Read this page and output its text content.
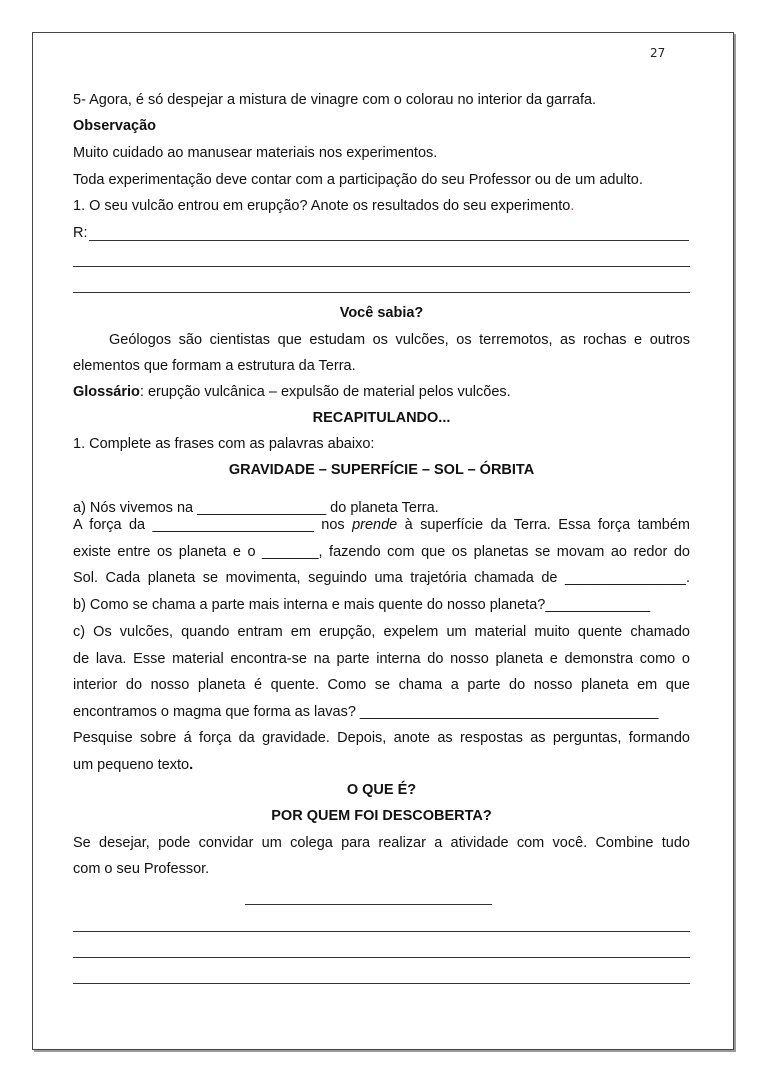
27
5- Agora, é só despejar a mistura de vinagre com o colorau no interior da garrafa.
Observação
Muito cuidado ao manusear materiais nos experimentos.
Toda experimentação deve contar com a participação do seu Professor ou de um adulto.
1. O seu vulcão entrou em erupção? Anote os resultados do seu experimento.
R:
Você sabia?
Geólogos são cientistas que estudam os vulcões, os terremotos, as rochas e outros
elementos que formam a estrutura da Terra.
Glossário: erupção vulcânica – expulsão de material pelos vulcões.
RECAPITULANDO...
1. Complete as frases com as palavras abaixo:
GRAVIDADE – SUPERFÍCIE – SOL – ÓRBITA
a) Nós vivemos na ________________ do planeta Terra.
A força da ____________________ nos prende à superfície da Terra. Essa força também
existe entre os planeta e o _______, fazendo com que os planetas se movam ao redor do
Sol. Cada planeta se movimenta, seguindo uma trajetória chamada de _______________.
b) Como se chama a parte mais interna e mais quente do nosso planeta?_____________
c) Os vulcões, quando entram em erupção, expelem um material muito quente chamado
de lava. Esse material encontra-se na parte interna do nosso planeta e demonstra como o
interior do nosso planeta é quente. Como se chama a parte do nosso planeta em que
encontramos o magma que forma as lavas? _____________________________________
Pesquise sobre á força da gravidade. Depois, anote as respostas as perguntas, formando
um pequeno texto.
O QUE É?
POR QUEM FOI DESCOBERTA?
Se desejar, pode convidar um colega para realizar a atividade com você. Combine tudo
com o seu Professor.
